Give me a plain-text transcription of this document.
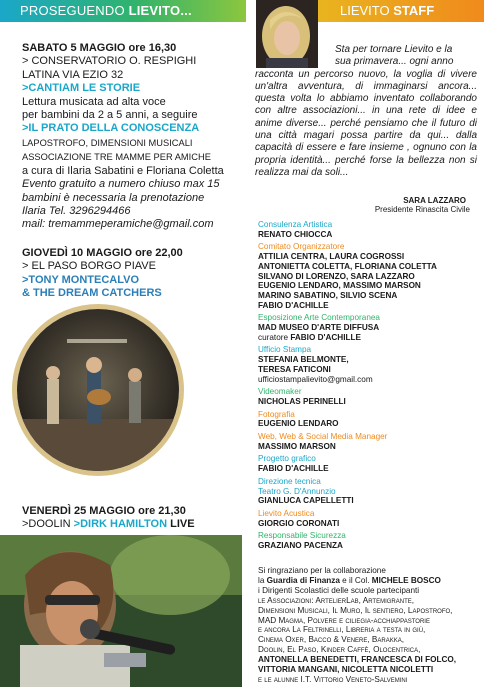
PROSEGUENDO LIEVITO...	LIEVITO STAFF
SABATO 5 MAGGIO ore 16,30
> CONSERVATORIO O. RESPIGHI
LATINA VIA EZIO 32
>CANTIAM LE STORIE
Lettura musicata ad alta voce
per bambini da 2 a 5 anni, a seguire
>IL PRATO DELLA CONOSCENZA
LAPOSTROFO, DIMENSIONI MUSICALI
ASSOCIAZIONE TRE MAMME PER AMICHE
a cura di Ilaria Sabatini e Floriana Coletta
Evento gratuito a numero chiuso max 15
bambini è necessaria la prenotazione
Ilaria Tel. 3296294466
mail: tremammeperamiche@gmail.com
GIOVEDÌ 10 MAGGIO ore 22,00
> EL PASO BORGO PIAVE
>TONY MONTECALVO
& THE DREAM CATCHERS
VENERDÌ 25 MAGGIO ore 21,30
>DOOLIN >DIRK HAMILTON LIVE
Sta per tornare Lievito e la
sua primavera... ogni anno
racconta un percorso nuovo, la voglia di vivere un'altra avventura, di immaginarsi ancora... questa volta lo abbiamo inventato collaborando con altre associazioni... in una rete di idee e anime diverse... perché pensiamo che il futuro di una città magari possa partire da qui... dalla capacità di essere e fare insieme , ognuno con la propria identità... perché forse la bellezza non si realizza mai da soli...
SARA LAZZARO
Presidente Rinascita Civile
Consulenza Artistica
RENATO CHIOCCA
Comitato Organizzatore
ATTILIA CENTRA, LAURA COGROSSI
ANTONIETTA COLETTA, FLORIANA COLETTA
SILVANO DI LORENZO, SARA LAZZARO
EUGENIO LENDARO, MASSIMO MARSON
MARINO SABATINO, SILVIO SCENA
FABIO D'ACHILLE
Esposizione Arte Contemporanea
MAD MUSEO D'ARTE DIFFUSA
curatore FABIO D'ACHILLE
Ufficio Stampa
STEFANIA BELMONTE,
TERESA FATICONI
ufficiostampalievito@gmail.com
Videomaker
NICHOLAS PERINELLI
Fotografia
EUGENIO LENDARO
Web, Web & Social Media Manager
MASSIMO MARSON
Progetto grafico
FABIO D'ACHILLE
Direzione tecnica
Teatro G. D'Annunzio
GIANLUCA CAPELLETTI
Lievito Acustica
GIORGIO CORONATI
Responsabile Sicurezza
GRAZIANO PACENZA
Si ringraziano per la collaborazione
la Guardia di Finanza e il Col. MICHELE BOSCO
i Dirigenti Scolastici delle scuole partecipanti
le Associazioni: ArtelierLab, Artemigrante,
Dimensioni Musicali, Il Muro, Il sentiero, Lapostrofo,
MAD Magma, Polvere e ciliegia-acchiappastorie
e ancora La Feltrinelli, Libreria a testa in giù,
Cinema Oxer, Bacco & Venere, Barakka,
Doolin, El Paso, Kinder Caffè, Olocentrica,
ANTONELLA BENEDETTI, FRANCESCA DI FOLCO,
VITTORIA MANGANI, NICOLETTA NICOLETTI
e le alunne I.T. Vittorio Veneto-Salvemini
